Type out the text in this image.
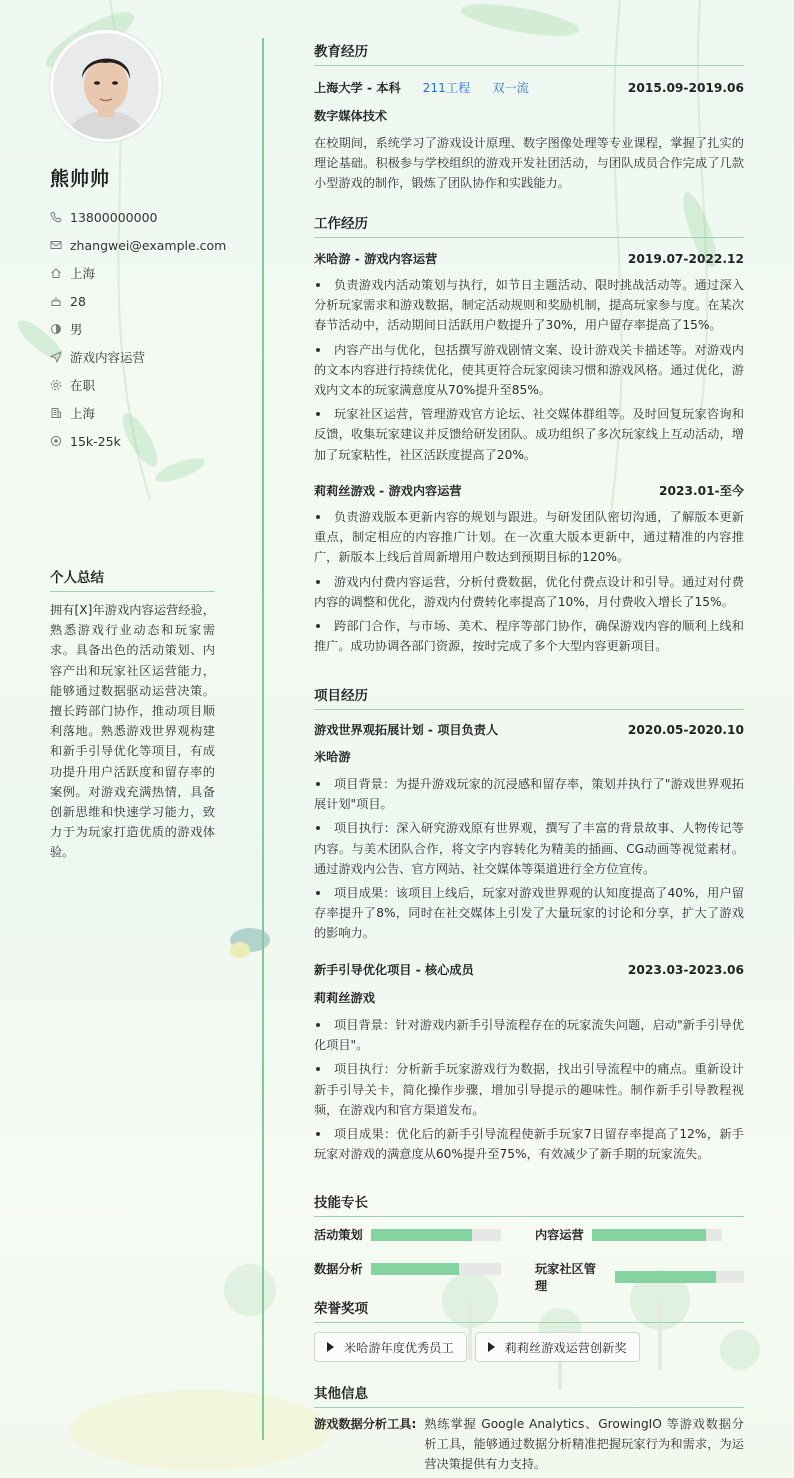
熊帅帅
13800000000
zhangwei@example.com
上海
28
男
游戏内容运营
在职
上海
15k-25k
个人总结
拥有[X]年游戏内容运营经验，熟悉游戏行业动态和玩家需求。具备出色的活动策划、内容产出和玩家社区运营能力，能够通过数据驱动运营决策。擅长跨部门协作，推动项目顺利落地。熟悉游戏世界观构建和新手引导优化等项目，有成功提升用户活跃度和留存率的案例。对游戏充满热情，具备创新思维和快速学习能力，致力于为玩家打造优质的游戏体验。
教育经历
上海大学 - 本科 211工程 双一流	2015.09-2019.06
数字媒体技术
在校期间，系统学习了游戏设计原理、数字图像处理等专业课程，掌握了扎实的理论基础。积极参与学校组织的游戏开发社团活动，与团队成员合作完成了几款小型游戏的制作，锻炼了团队协作和实践能力。
工作经历
米哈游 - 游戏内容运营	2019.07-2022.12
负责游戏内活动策划与执行，如节日主题活动、限时挑战活动等。通过深入分析玩家需求和游戏数据，制定活动规则和奖励机制，提高玩家参与度。在某次春节活动中，活动期间日活跃用户数提升了30%，用户留存率提高了15%。
内容产出与优化，包括撰写游戏剧情文案、设计游戏关卡描述等。对游戏内的文本内容进行持续优化，使其更符合玩家阅读习惯和游戏风格。通过优化，游戏内文本的玩家满意度从70%提升至85%。
玩家社区运营，管理游戏官方论坛、社交媒体群组等。及时回复玩家咨询和反馈，收集玩家建议并反馈给研发团队。成功组织了多次玩家线上互动活动，增加了玩家粘性，社区活跃度提高了20%。
莉莉丝游戏 - 游戏内容运营	2023.01-至今
负责游戏版本更新内容的规划与跟进。与研发团队密切沟通，了解版本更新重点，制定相应的内容推广计划。在一次重大版本更新中，通过精准的内容推广，新版本上线后首周新增用户数达到预期目标的120%。
游戏内付费内容运营，分析付费数据，优化付费点设计和引导。通过对付费内容的调整和优化，游戏内付费转化率提高了10%，月付费收入增长了15%。
跨部门合作，与市场、美术、程序等部门协作，确保游戏内容的顺利上线和推广。成功协调各部门资源，按时完成了多个大型内容更新项目。
项目经历
游戏世界观拓展计划 - 项目负责人	2020.05-2020.10
米哈游
项目背景：为提升游戏玩家的沉浸感和留存率，策划并执行了"游戏世界观拓展计划"项目。
项目执行：深入研究游戏原有世界观，撰写了丰富的背景故事、人物传记等内容。与美术团队合作，将文字内容转化为精美的插画、CG动画等视觉素材。通过游戏内公告、官方网站、社交媒体等渠道进行全方位宣传。
项目成果：该项目上线后，玩家对游戏世界观的认知度提高了40%，用户留存率提升了8%，同时在社交媒体上引发了大量玩家的讨论和分享，扩大了游戏的影响力。
新手引导优化项目 - 核心成员	2023.03-2023.06
莉莉丝游戏
项目背景：针对游戏内新手引导流程存在的玩家流失问题，启动"新手引导优化项目"。
项目执行：分析新手玩家游戏行为数据，找出引导流程中的痛点。重新设计新手引导关卡，简化操作步骤，增加引导提示的趣味性。制作新手引导教程视频，在游戏内和官方渠道发布。
项目成果：优化后的新手引导流程使新手玩家7日留存率提高了12%，新手玩家对游戏的满意度从60%提升至75%，有效减少了新手期的玩家流失。
技能专长
活动策划	内容运营
数据分析	玩家社区管理
荣誉奖项
米哈游年度优秀员工	莉莉丝游戏运营创新奖
其他信息
游戏数据分析工具: 熟练掌握 Google Analytics、GrowingIO 等游戏数据分析工具，能够通过数据分析精准把握玩家行为和需求，为运营决策提供有力支持。
